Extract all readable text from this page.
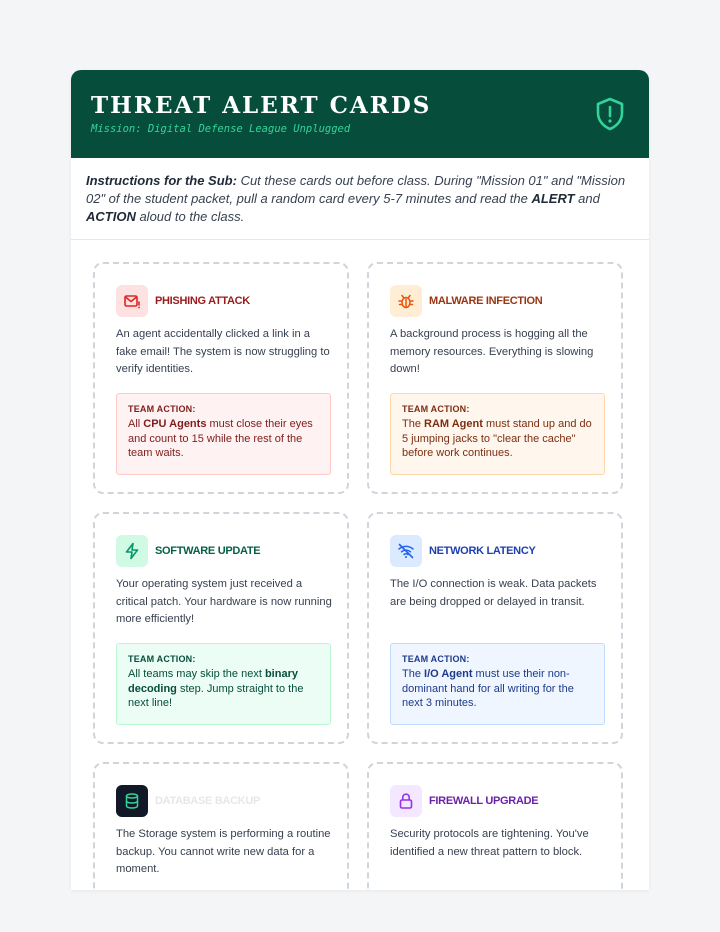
THREAT ALERT CARDS
Mission: Digital Defense League Unplugged
Instructions for the Sub: Cut these cards out before class. During "Mission 01" and "Mission 02" of the student packet, pull a random card every 5-7 minutes and read the ALERT and ACTION aloud to the class.
PHISHING ATTACK
An agent accidentally clicked a link in a fake email! The system is now struggling to verify identities.
TEAM ACTION:
All CPU Agents must close their eyes and count to 15 while the rest of the team waits.
MALWARE INFECTION
A background process is hogging all the memory resources. Everything is slowing down!
TEAM ACTION:
The RAM Agent must stand up and do 5 jumping jacks to "clear the cache" before work continues.
SOFTWARE UPDATE
Your operating system just received a critical patch. Your hardware is now running more efficiently!
TEAM ACTION:
All teams may skip the next binary decoding step. Jump straight to the next line!
NETWORK LATENCY
The I/O connection is weak. Data packets are being dropped or delayed in transit.
TEAM ACTION:
The I/O Agent must use their non-dominant hand for all writing for the next 3 minutes.
DATABASE BACKUP
The Storage system is performing a routine backup. You cannot write new data for a moment.
FIREWALL UPGRADE
Security protocols are tightening. You've identified a new threat pattern to block.
